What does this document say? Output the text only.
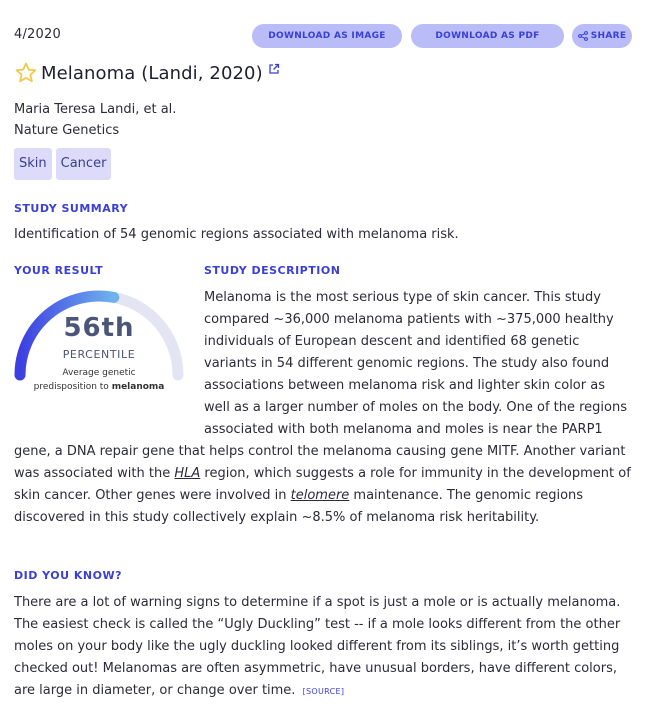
4/2020	DOWNLOAD AS IMAGE	DOWNLOAD AS PDF	SHARE
Melanoma (Landi, 2020)
Maria Teresa Landi, et al.
Nature Genetics
Skin	Cancer
STUDY SUMMARY
Identification of 54 genomic regions associated with melanoma risk.
YOUR RESULT	STUDY DESCRIPTION
Melanoma is the most serious type of skin cancer. This study compared ~36,000 melanoma patients with ~375,000 healthy individuals of European descent and identified 68 genetic variants in 54 different genomic regions. The study also found associations between melanoma risk and lighter skin color as well as a larger number of moles on the body. One of the regions associated with both melanoma and moles is near the PARP1 gene, a DNA repair gene that helps control the melanoma causing gene MITF. Another variant was associated with the HLA region, which suggests a role for immunity in the development of skin cancer. Other genes were involved in telomere maintenance. The genomic regions discovered in this study collectively explain ~8.5% of melanoma risk heritability.
56th
PERCENTILE
Average genetic
predisposition to melanoma
DID YOU KNOW?
There are a lot of warning signs to determine if a spot is just a mole or is actually melanoma. The easiest check is called the “Ugly Duckling” test -- if a mole looks different from the other moles on your body like the ugly duckling looked different from its siblings, it’s worth getting checked out! Melanomas are often asymmetric, have unusual borders, have different colors, are large in diameter, or change over time. [SOURCE]
